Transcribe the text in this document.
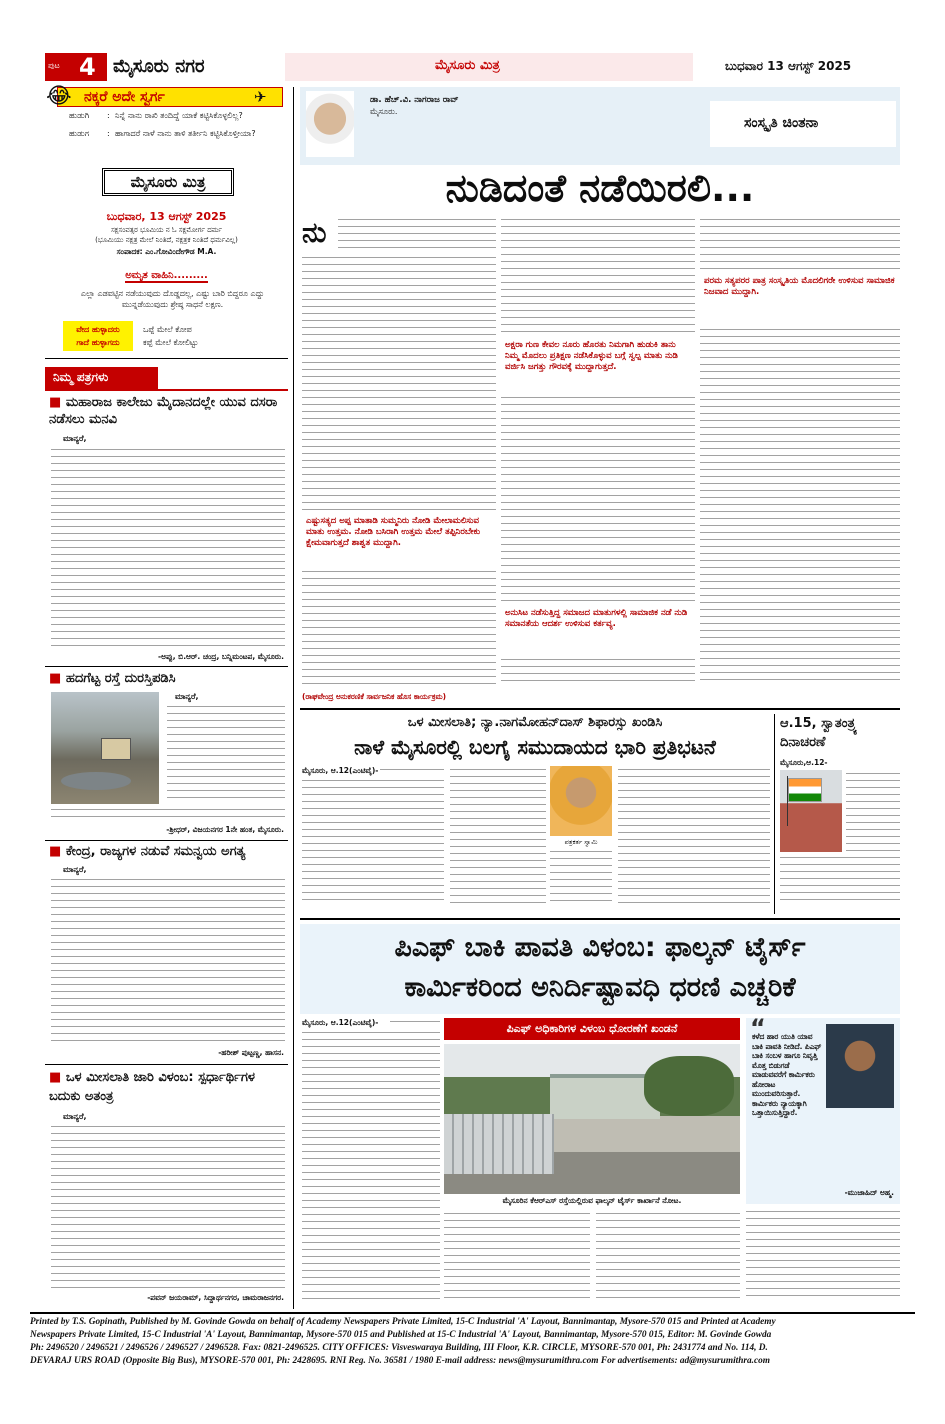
ಪುಟ 4 ಮೈಸೂರು ನಗರ	ಮೈಸೂರು ಮಿತ್ರ	ಬುಧವಾರ 13 ಆಗಸ್ಟ್ 2025
😂 ನಕ್ಕರೆ ಅದೇ ಸ್ವರ್ಗ	✈
ಹುಡುಗಿ : ನಿನ್ನೆ ನಾನು ರಾಖಿ ತಂದಿದ್ದೆ ಯಾಕೆ ಕಟ್ಟಿಸಿಕೊಳ್ಳಲಿಲ್ಲ?
ಹುಡುಗ : ಹಾಗಾದರೆ ನಾಳೆ ನಾನು ತಾಳಿ ತರ್ತೀನಿ ಕಟ್ಟಿಸಿಕೊಳ್ತೀಯಾ?
ಮೈಸೂರು ಮಿತ್ರ
ಬುಧವಾರ, 13 ಆಗಸ್ಟ್ 2025
ಸಕ್ಷಸಂವತ್ಸರ ಭೂಮಿಯ ನ ಓ ಸಕ್ಷಮೋರ್ಗ ದರ್ಮ
(ಭೂಮಿಯು ನಕ್ಷತ್ರ ಮೇಲೆ ನಿಂತಿದೆ, ನಕ್ಷತ್ರಕ ನಿಂತಿದೆ ಧರ್ಮವಿಲ್ಲ)
ಸಂಪಾದಕ: ಎಂ.ಗೋವಿಂದೇಗೌಡ M.A.
ಅಮೃತ ವಾಹಿನಿ.........
ಎಲ್ಲಾ ಎಡವಟ್ಟಿನ ನಡೆಯುವುದು ದೊಡ್ಡದಲ್ಲ, ಎಷ್ಟು ಬಾರಿ ಬಿದ್ದರೂ ಎದ್ದು ಮುನ್ನಡೆಯುವುದು ಶ್ರೇಷ್ಠ ಸಾಧನೆ ಲಕ್ಷಣ.
ವೇದ ಹುಳ್ಳಾದರು
ಗಾದೆ ಹುಳ್ಳಾಗದು
ಒಪ್ಪೆ ಮೇಲೆ ಕೋಪ
ಕಪ್ಪೆ ಮೇಲೆ ಕೋಲಿಟ್ಟು
ನಿಮ್ಮ ಪತ್ರಗಳು
■ ಮಹಾರಾಜ ಕಾಲೇಜು ಮೈದಾನದಲ್ಲೇ ಯುವ ದಸರಾ ನಡೆಸಲು ಮನವಿ
ಮಾನ್ಯರೆ,
-ಅಪ್ಪು, ಬಿ.ಆರ್. ಚಂದ್ರ, ಬನ್ನಿಮಂಟಪ, ಮೈಸೂರು.
■ ಹದಗೆಟ್ಟ ರಸ್ತೆ ದುರಸ್ತಿಪಡಿಸಿ
ಮಾನ್ಯರೆ,
-ಶ್ರೀಧರ್, ವಿಜಯನಗರ 1ನೇ ಹಂತ, ಮೈಸೂರು.
■ ಕೇಂದ್ರ, ರಾಜ್ಯಗಳ ನಡುವೆ ಸಮನ್ವಯ ಅಗತ್ಯ
ಮಾನ್ಯರೆ,
-ಹರೀಶ್ ಪುಟ್ಟಣ್ಣ, ಹಾಸನ.
■ ಒಳ ಮೀಸಲಾತಿ ಜಾರಿ ವಿಳಂಬ: ಸ್ಪರ್ಧಾರ್ಥಿಗಳ ಬದುಕು ಅತಂತ್ರ
ಮಾನ್ಯರೆ,
-ಪವನ್ ಜಯರಾಮ್, ಸಿದ್ದಾರ್ಥನಗರ, ಚಾಮರಾಜನಗರ.
ಡಾ. ಹೆಚ್.ವಿ. ನಾಗರಾಜ ರಾವ್
ಮೈಸೂರು.
ಸಂಸ್ಕೃತಿ ಚಿಂತನಾ
ನುಡಿದಂತೆ ನಡೆಯಿರಲಿ...
ನು
ಎಷ್ಟುಸತ್ಯದ ಅಪ್ಪ ಮಾತಾಡಿ ಸುಮ್ಮನಿರು ನೋಡಿ ಮೇಲಾಮಲಿಸುವ ಮಾತು ಉತ್ತಮ. ನೋಡಿ ಬಸಿರಾಗಿ ಉತ್ತಮ ಮೇಲೆ ತಪ್ಪಿನಿರಬೇಕು ಕ್ಷೇಮವಾಗುತ್ತದೆ ಶಾಶ್ವತ ಮುದ್ದಾಗಿ.
ಅಕ್ಷರಾ ಗುಣ ಕೇವಲ ನೂರು ಹೊರತು ನಿಮಗಾಗಿ ಹುಡುಕಿ ತಾನು ನಿಮ್ಮ ಮೊದಲು ಪ್ರತಿಕ್ಷಣ ನಡೆಸಿಕೊಳ್ಳುವ ಬಗ್ಗೆ ಸ್ವಲ್ಪ ಮಾತು ನುಡಿ ವರ್ಜಿಸಿ ಜಗತ್ತು ಗೌರವಕ್ಕೆ ಮುದ್ದಾಗುತ್ತದೆ.
ಅನುಸಿಟ ನಡೆಸುತ್ತಿದ್ದ ಸಮಾಜದ ಮಾತುಗಳಲ್ಲಿ ಸಾಮಾಜಿಕ ನಡೆ ನುಡಿ ಸಮಾನತೆಯ ಆದರ್ಶ ಉಳಿಸುವ ಕರ್ತವ್ಯ.
ಪರಮ ಸತ್ಯಪರರ ಪಾತ್ರ ಸಂಸ್ಕೃತಿಯ ಮೊದಲಿಗರೇ ಉಳಿಸುವ ಸಾಮಾಜಿಕ ನಿಜವಾದ ಮುದ್ದಾಗಿ.
(ರಾಘವೇಂದ್ರ ಅನುಕರಣಿಕೆ ಸಾರ್ವಜನಿಕ ಹೊಸ ಕಾರ್ಯಕ್ರಮ)
ಒಳ ಮೀಸಲಾತಿ; ನ್ಯಾ.ನಾಗಮೋಹನ್‌ದಾಸ್ ಶಿಫಾರಸ್ಸು ಖಂಡಿಸಿ
ನಾಳೆ ಮೈಸೂರಲ್ಲಿ ಬಲಗೈ ಸಮುದಾಯದ ಭಾರಿ ಪ್ರತಿಭಟನೆ
ಮೈಸೂರು, ಆ.12(ಎಂಟಿವೈ)-
ಪತ್ರಕರ್ತ ಸ್ವಾಮಿ
ಆ.15, ಸ್ವಾತಂತ್ರ್ಯ ದಿನಾಚರಣೆ
ಮೈಸೂರು,ಆ.12-
ಪಿಎಫ್ ಬಾಕಿ ಪಾವತಿ ವಿಳಂಬ: ಫಾಲ್ಕನ್ ಟೈರ್ಸ್
ಕಾರ್ಮಿಕರಿಂದ ಅನಿರ್ದಿಷ್ಟಾವಧಿ ಧರಣಿ ಎಚ್ಚರಿಕೆ
ಮೈಸೂರು, ಆ.12(ಎಂಟಿವೈ)-	ಪಿಎಫ್ ಅಧಿಕಾರಿಗಳ ವಿಳಂಬ ಧೋರಣೆಗೆ ಖಂಡನೆ
ಮೈಸೂರಿನ ಕೆಆರ್‌ಎಸ್ ರಸ್ತೆಯಲ್ಲಿರುವ ಫಾಲ್ಕನ್ ಟೈರ್ಸ್ ಕಾರ್ಖಾನೆ ನೋಟ.
“
ಕಳೆದ ಹಾರ ಯುತಿ ಯಾವ ಬಾಕಿ ಪಾವತಿ ನೀಡಿದೆ. ಪಿಎಫ್ ಬಾಕಿ ಸಂಬಳ ಹಾಗೂ ನಿವೃತ್ತಿ ಮೊತ್ತ ಬಿಡುಗಡೆ ಮಾಡುವವರೆಗೆ ಕಾರ್ಮಿಕರು ಹೋರಾಟ ಮುಂದುವರಿಸುತ್ತಾರೆ. ಕಾರ್ಮಿಕರು ನ್ಯಾಯಕ್ಕಾಗಿ ಒತ್ತಾಯಿಸುತ್ತಿದ್ದಾರೆ.
-ಮುಜಾಹಿದ್ ಅಹ್ಮ.
Printed by T.S. Gopinath, Published by M. Govinde Gowda on behalf of Academy Newspapers Private Limited, 15-C Industrial 'A' Layout, Bannimantap, Mysore-570 015 and Printed at Academy
Newspapers Private Limited, 15-C Industrial 'A' Layout, Bannimantap, Mysore-570 015 and Published at 15-C Industrial 'A' Layout, Bannimantap, Mysore-570 015, Editor: M. Govinde Gowda
Ph: 2496520 / 2496521 / 2496526 / 2496527 / 2496528. Fax: 0821-2496525. CITY OFFICES: Visveswaraya Building, III Floor, K.R. CIRCLE, MYSORE-570 001, Ph: 2431774 and No. 114, D.
DEVARAJ URS ROAD (Opposite Big Bus), MYSORE-570 001, Ph: 2428695. RNI Reg. No. 36581 / 1980 E-mail address: news@mysurumithra.com For advertisements: ad@mysurumithra.com
